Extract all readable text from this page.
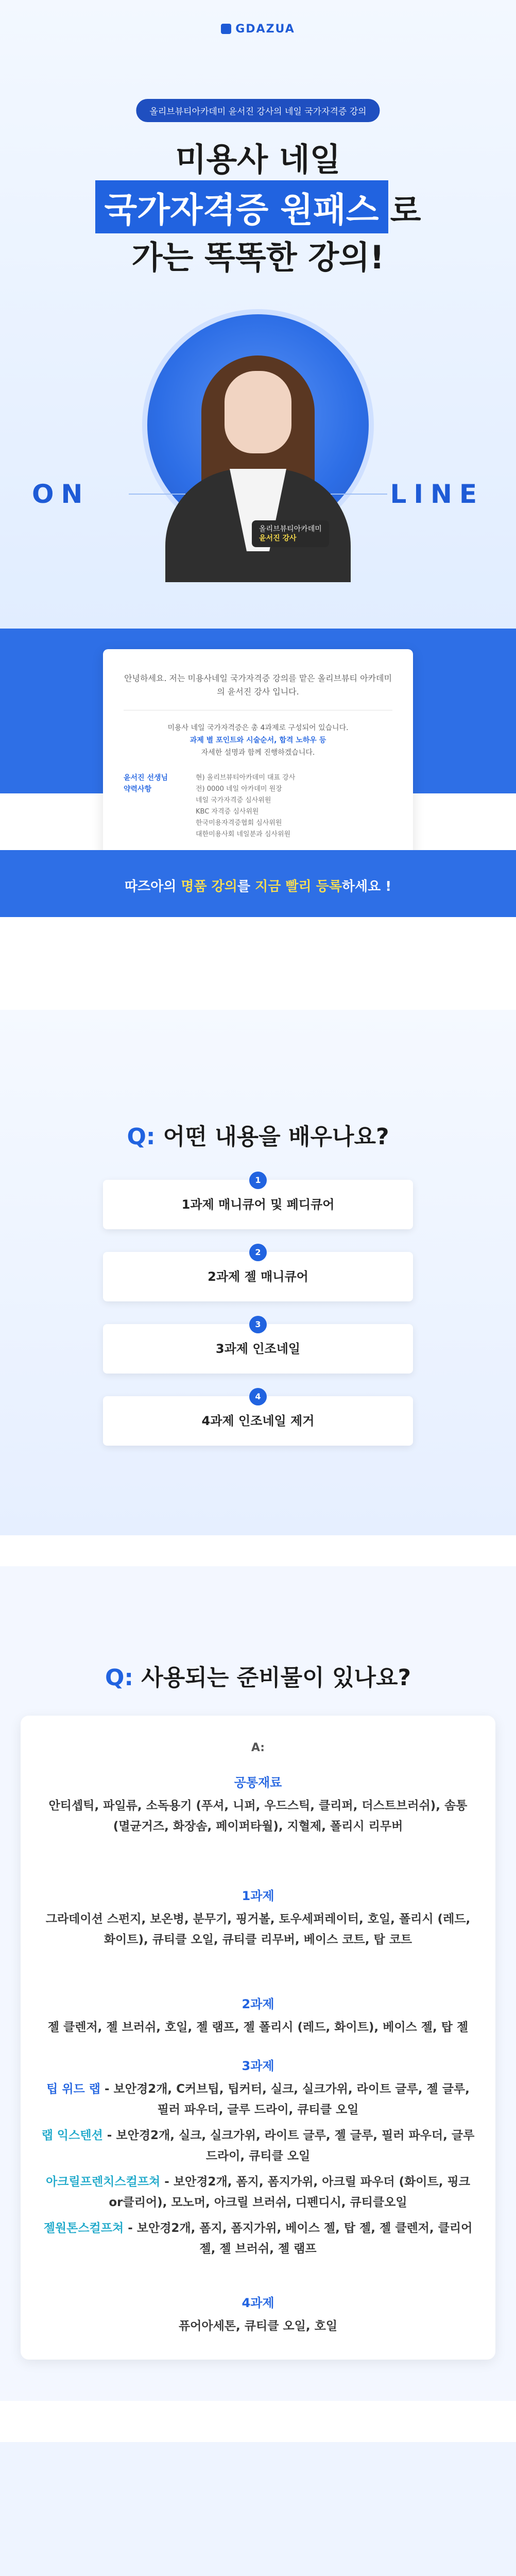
GDAZUA
올리브뷰티아카데미 윤서진 강사의 네일 국가자격증 강의
미용사 네일
국가자격증 원패스 로
가는 똑똑한 강의!
ON	LINE
올리브뷰티아카데미
윤서진 강사

안녕하세요. 저는 미용사네일 국가자격증 강의를 맡은 올리브뷰티 아카데미의 윤서진 강사 입니다.

미용사 네일 국가자격증은 총 4과제로 구성되어 있습니다.
과제 별 포인트와 시술순서, 합격 노하우 등
자세한 설명과 함께 진행하겠습니다.

윤서진 선생님 약력사항
현) 올리브뷰티아카데미 대표 강사
전) 0000 네일 아카데미 원장
네일 국가자격증 심사위원
KBC 자격증 심사위원
한국미용자격증협회 심사위원
대한미용사회 네일분과 심사위원
따즈아의 명품 강의를 지금 빨리 등록하세요 !
Q: 어떤 내용을 배우나요?
1
1과제 매니큐어 및 페디큐어
2
2과제 젤 매니큐어
3
3과제 인조네일
4
4과제 인조네일 제거
Q: 사용되는 준비물이 있나요?
A:
공통재료
안티셉틱, 파일류, 소독용기 (푸셔, 니퍼, 우드스틱, 클리퍼, 더스트브러쉬), 솜통 (멸균거즈, 화장솜, 페이퍼타월), 지혈제, 폴리시 리무버
1과제
그라데이션 스펀지, 보온병, 분무기, 핑거볼, 토우세퍼레이터, 호일, 폴리시 (레드, 화이트), 큐티클 오일, 큐티클 리무버, 베이스 코트, 탑 코트
2과제
젤 클렌저, 젤 브러쉬, 호일, 젤 램프, 젤 폴리시 (레드, 화이트), 베이스 젤, 탑 젤
3과제
팁 위드 랩 - 보안경2개, C커브팁, 팁커터, 실크, 실크가위, 라이트 글루, 젤 글루, 필러 파우더, 글루 드라이, 큐티클 오일
랩 익스텐션 - 보안경2개, 실크, 실크가위, 라이트 글루, 젤 글루, 필러 파우더, 글루 드라이, 큐티클 오일
아크릴프렌치스컬프쳐 - 보안경2개, 폼지, 폼지가위, 아크릴 파우더 (화이트, 핑크or클리어), 모노머, 아크릴 브러쉬, 디펜디시, 큐티클오일
젤원톤스컬프쳐 - 보안경2개, 폼지, 폼지가위, 베이스 젤, 탑 젤, 젤 클렌저, 클리어 젤, 젤 브러쉬, 젤 램프
4과제
퓨어아세톤, 큐티클 오일, 호일
